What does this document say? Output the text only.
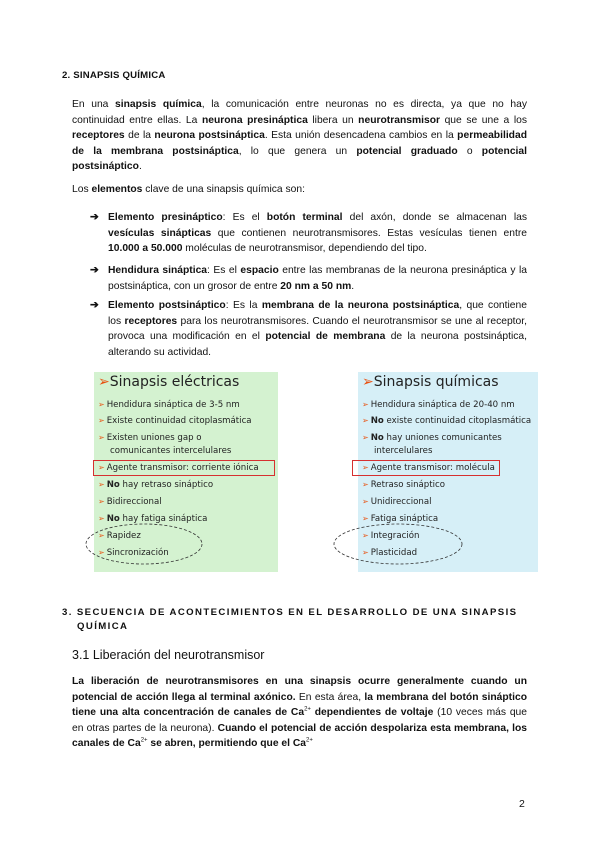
2. SINAPSIS QUÍMICA
En una sinapsis química, la comunicación entre neuronas no es directa, ya que no hay continuidad entre ellas. La neurona presináptica libera un neurotransmisor que se une a los receptores de la neurona postsináptica. Esta unión desencadena cambios en la permeabilidad de la membrana postsináptica, lo que genera un potencial graduado o potencial postsináptico.
Los elementos clave de una sinapsis química son:
➔ Elemento presináptico: Es el botón terminal del axón, donde se almacenan las vesículas sinápticas que contienen neurotransmisores. Estas vesículas tienen entre 10.000 a 50.000 moléculas de neurotransmisor, dependiendo del tipo.
➔ Hendidura sináptica: Es el espacio entre las membranas de la neurona presináptica y la postsináptica, con un grosor de entre 20 nm a 50 nm.
➔ Elemento postsináptico: Es la membrana de la neurona postsináptica, que contiene los receptores para los neurotransmisores. Cuando el neurotransmisor se une al receptor, provoca una modificación en el potencial de membrana de la neurona postsináptica, alterando su actividad.
➢Sinapsis eléctricas
➢ Hendidura sináptica de 3-5 nm
➢ Existe continuidad citoplasmática
➢ Existen uniones gap o
comunicantes intercelulares
➢ Agente transmisor: corriente iónica
➢ No hay retraso sináptico
➢ Bidireccional
➢ No hay fatiga sináptica
➢ Rapidez
➢ Sincronización
➢Sinapsis químicas
➢ Hendidura sináptica de 20-40 nm
➢ No existe continuidad citoplasmática
➢ No hay uniones comunicantes
intercelulares
➢ Agente transmisor: molécula
➢ Retraso sináptico
➢ Unidireccional
➢ Fatiga sináptica
➢ Integración
➢ Plasticidad
3. SECUENCIA DE ACONTECIMIENTOS EN EL DESARROLLO DE UNA SINAPSIS
QUÍMICA
3.1 Liberación del neurotransmisor
La liberación de neurotransmisores en una sinapsis ocurre generalmente cuando un potencial de acción llega al terminal axónico. En esta área, la membrana del botón sináptico tiene una alta concentración de canales de $Ca^{2+}$ dependientes de voltaje (10 veces más que en otras partes de la neurona). Cuando el potencial de acción despolariza esta membrana, los canales de $Ca^{2+}$ se abren, permitiendo que el $Ca^{2+}$
2
